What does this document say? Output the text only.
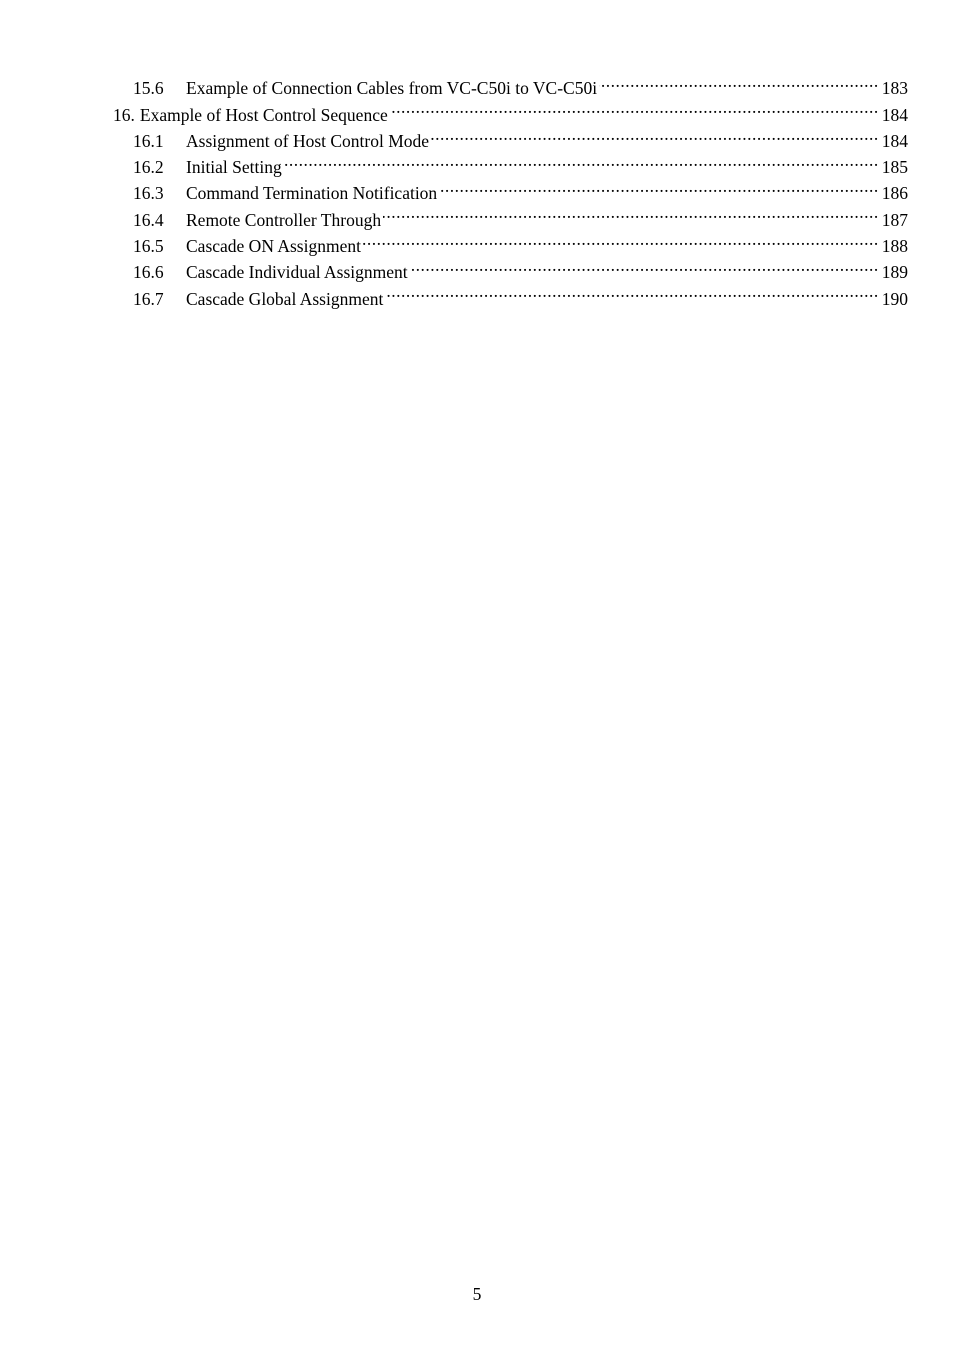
15.6	Example of Connection Cables from VC-C50i to VC-C50i .....	183
16. Example of Host Control Sequence .....	184
16.1	Assignment of Host Control Mode .....	184
16.2	Initial Setting .....	185
16.3	Command Termination Notification .....	186
16.4	Remote Controller Through .....	187
16.5	Cascade ON Assignment .....	188
16.6	Cascade Individual Assignment .....	189
16.7	Cascade Global Assignment .....	190
5
